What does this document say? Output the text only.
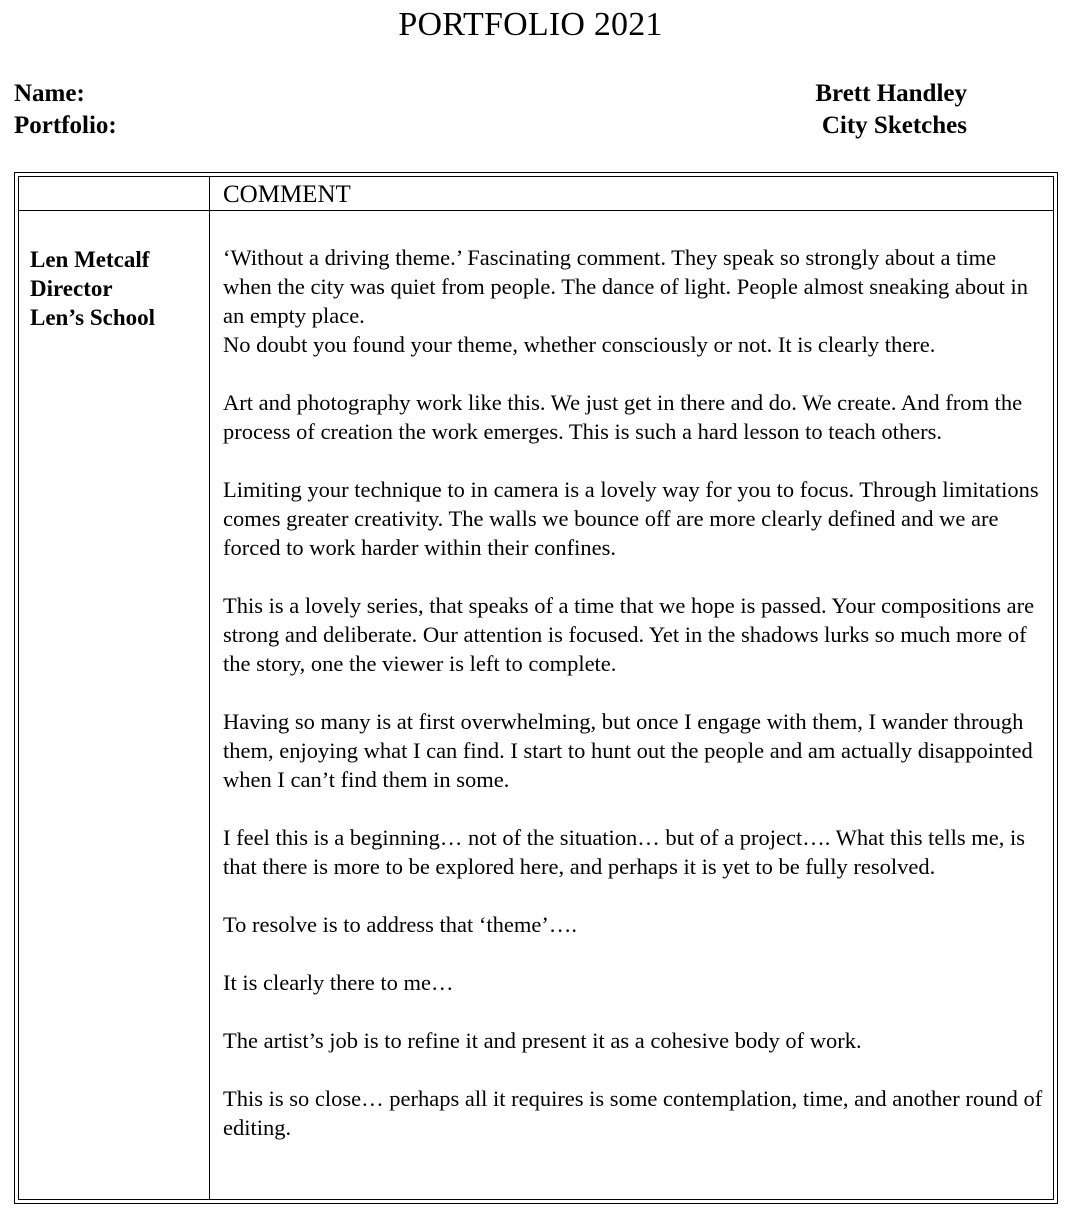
PORTFOLIO 2021
Name:	Brett Handley
Portfolio:	City Sketches
COMMENT
Len Metcalf
Director
Len’s School

‘Without a driving theme.’ Fascinating comment. They speak so strongly about a time when the city was quiet from people. The dance of light. People almost sneaking about in an empty place.
No doubt you found your theme, whether consciously or not. It is clearly there.

Art and photography work like this. We just get in there and do. We create. And from the process of creation the work emerges. This is such a hard lesson to teach others.

Limiting your technique to in camera is a lovely way for you to focus. Through limitations comes greater creativity. The walls we bounce off are more clearly defined and we are forced to work harder within their confines.

This is a lovely series, that speaks of a time that we hope is passed. Your compositions are strong and deliberate. Our attention is focused. Yet in the shadows lurks so much more of the story, one the viewer is left to complete.

Having so many is at first overwhelming, but once I engage with them, I wander through them, enjoying what I can find. I start to hunt out the people and am actually disappointed when I can’t find them in some.

I feel this is a beginning… not of the situation… but of a project…. What this tells me, is that there is more to be explored here, and perhaps it is yet to be fully resolved.

To resolve is to address that ‘theme’….

It is clearly there to me…

The artist’s job is to refine it and present it as a cohesive body of work.

This is so close… perhaps all it requires is some contemplation, time, and another round of editing.
